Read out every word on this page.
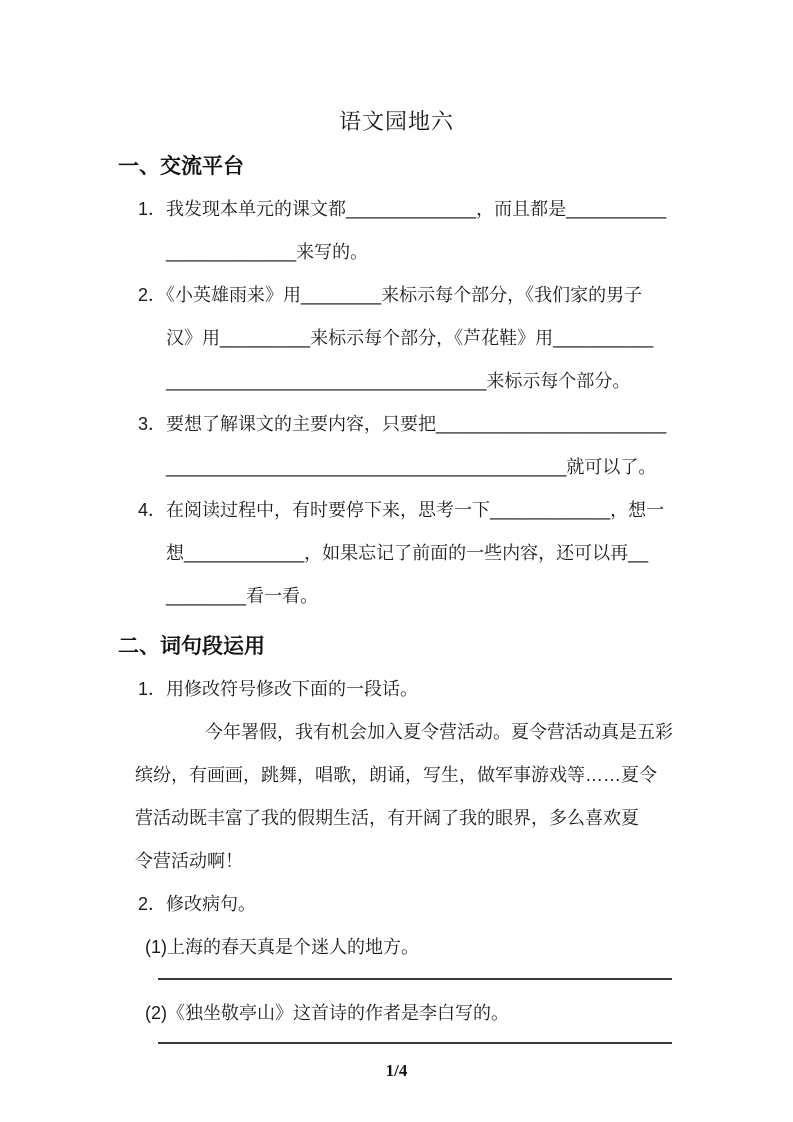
语文园地六
一、交流平台
1．我发现本单元的课文都_____________，而且都是__________
_____________来写的。
2．《小英雄雨来》用________来标示每个部分，《我们家的男子
汉》用_________来标示每个部分，《芦花鞋》用__________
________________________________来标示每个部分。
3．要想了解课文的主要内容，只要把_______________________
________________________________________就可以了。
4．在阅读过程中，有时要停下来，思考一下____________，想一
想____________，如果忘记了前面的一些内容，还可以再__
________看一看。
二、词句段运用
1．用修改符号修改下面的一段话。
今年署假，我有机会加入夏令营活动。夏令营活动真是五彩
缤纷，有画画，跳舞，唱歌，朗诵，写生，做军事游戏等……夏令
营活动既丰富了我的假期生活，有开阔了我的眼界，多么喜欢夏
令营活动啊！
2．修改病句。
(1)上海的春天真是个迷人的地方。
(2)《独坐敬亭山》这首诗的作者是李白写的。
1/4
